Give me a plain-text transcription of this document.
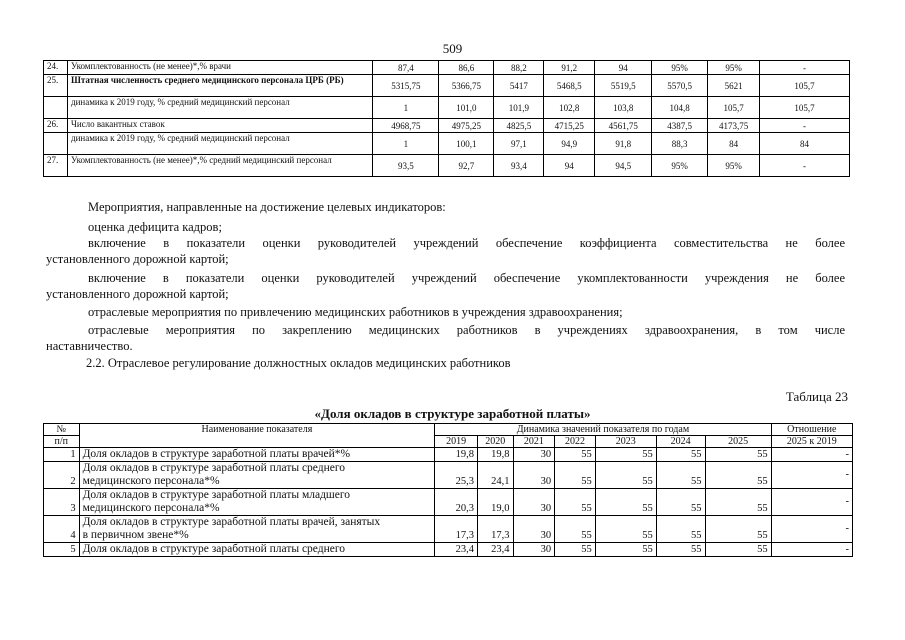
509
24.	Укомплектованность (не менее)*,% врачи	87,4	86,6	88,2	91,2	94	95%	95%	-
25.	Штатная численность среднего медицинского персонала ЦРБ (РБ)	5315,75	5366,75	5417	5468,5	5519,5	5570,5	5621	105,7
	динамика к 2019 году, % средний медицинский персонал	1	101,0	101,9	102,8	103,8	104,8	105,7	105,7
26.	Число вакантных ставок	4968,75	4975,25	4825,5	4715,25	4561,75	4387,5	4173,75	-
	динамика к 2019 году, % средний медицинский персонал	1	100,1	97,1	94,9	91,8	88,3	84	84
27.	Укомплектованность (не менее)*,% средний медицинский персонал	93,5	92,7	93,4	94	94,5	95%	95%	-
Мероприятия, направленные на достижение целевых индикаторов:
оценка дефицита кадров;
включение в показатели оценки руководителей учреждений обеспечение коэффициента совместительства не более
установленного дорожной картой;
включение в показатели оценки руководителей учреждений обеспечение укомплектованности учреждения не более
установленного дорожной картой;
отраслевые мероприятия по привлечению медицинских работников в учреждения здравоохранения;
отраслевые мероприятия по закреплению медицинских работников в учреждениях здравоохранения, в том числе
наставничество.
2.2. Отраслевое регулирование должностных окладов медицинских работников
Таблица 23
«Доля окладов в структуре заработной платы»
№	Наименование показателя	Динамика значений показателя по годам							Отношение
п/п		2019	2020	2021	2022	2023	2024	2025	2025 к 2019
1	Доля окладов в структуре заработной платы врачей*%	19,8	19,8	30	55	55	55	55	-
2	Доля окладов в структуре заработной платы среднего
медицинского персонала*%	25,3	24,1	30	55	55	55	55	-
3	Доля окладов в структуре заработной платы младшего
медицинского персонала*%	20,3	19,0	30	55	55	55	55	-
4	Доля окладов в структуре заработной платы врачей, занятых
в первичном звене*%	17,3	17,3	30	55	55	55	55	-
5	Доля окладов в структуре заработной платы среднего	23,4	23,4	30	55	55	55	55	-
